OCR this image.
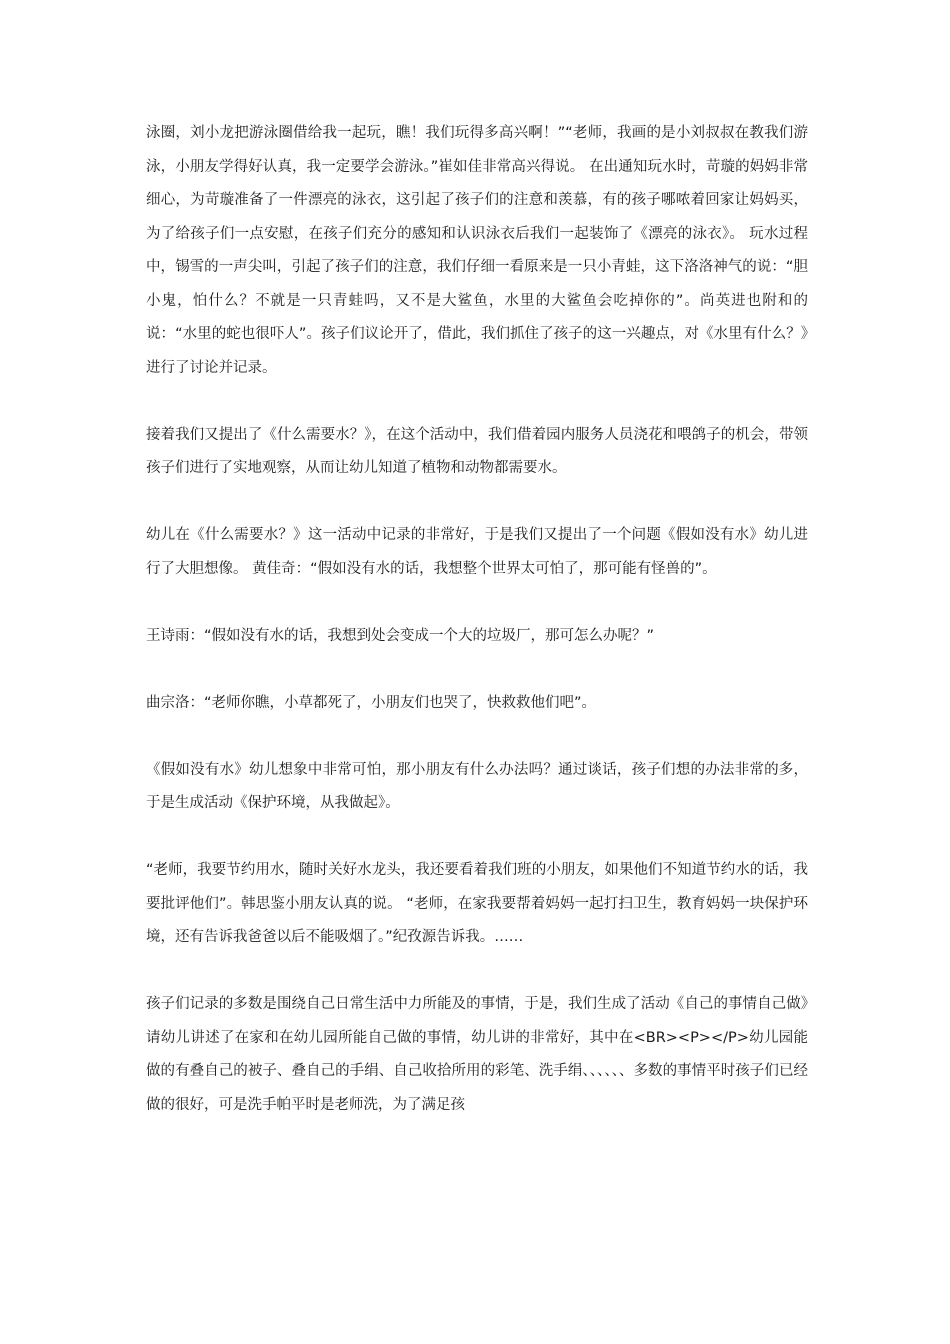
泳圈，刘小龙把游泳圈借给我一起玩，瞧！我们玩得多高兴啊！”“老师，我画的是小刘叔叔在教我们游泳，小朋友学得好认真，我一定要学会游泳。”崔如佳非常高兴得说。 在出通知玩水时，苛璇的妈妈非常细心，为苛璇准备了一件漂亮的泳衣，这引起了孩子们的注意和羡慕，有的孩子哪哝着回家让妈妈买，为了给孩子们一点安慰，在孩子们充分的感知和认识泳衣后我们一起装饰了《漂亮的泳衣》。 玩水过程中，锡雪的一声尖叫，引起了孩子们的注意，我们仔细一看原来是一只小青蛙，这下洛洛神气的说：“胆小鬼，怕什么？不就是一只青蛙吗，又不是大鲨鱼，水里的大鲨鱼会吃掉你的”。尚英进也附和的说：“水里的蛇也很吓人”。孩子们议论开了，借此，我们抓住了孩子的这一兴趣点，对《水里有什么？》进行了讨论并记录。

接着我们又提出了《什么需要水？》，在这个活动中，我们借着园内服务人员浇花和喂鸽子的机会，带领孩子们进行了实地观察，从而让幼儿知道了植物和动物都需要水。

幼儿在《什么需要水？》这一活动中记录的非常好，于是我们又提出了一个问题《假如没有水》幼儿进行了大胆想像。 黄佳奇：“假如没有水的话，我想整个世界太可怕了，那可能有怪兽的”。

王诗雨：“假如没有水的话，我想到处会变成一个大的垃圾厂，那可怎么办呢？”

曲宗洛：“老师你瞧，小草都死了，小朋友们也哭了，快救救他们吧”。

《假如没有水》幼儿想象中非常可怕，那小朋友有什么办法吗？通过谈话，孩子们想的办法非常的多，于是生成活动《保护环境，从我做起》。

“老师，我要节约用水，随时关好水龙头，我还要看着我们班的小朋友，如果他们不知道节约水的话，我要批评他们”。韩思鉴小朋友认真的说。 “老师，在家我要帮着妈妈一起打扫卫生，教育妈妈一块保护环境，还有告诉我爸爸以后不能吸烟了。”纪孜源告诉我。……

孩子们记录的多数是围绕自己日常生活中力所能及的事情，于是，我们生成了活动《自己的事情自己做》请幼儿讲述了在家和在幼儿园所能自己做的事情，幼儿讲的非常好，其中在<BR><P></P>幼儿园能做的有叠自己的被子、叠自己的手绢、自己收拾所用的彩笔、洗手绢、、、、、、多数的事情平时孩子们已经做的很好，可是洗手帕平时是老师洗，为了满足孩
